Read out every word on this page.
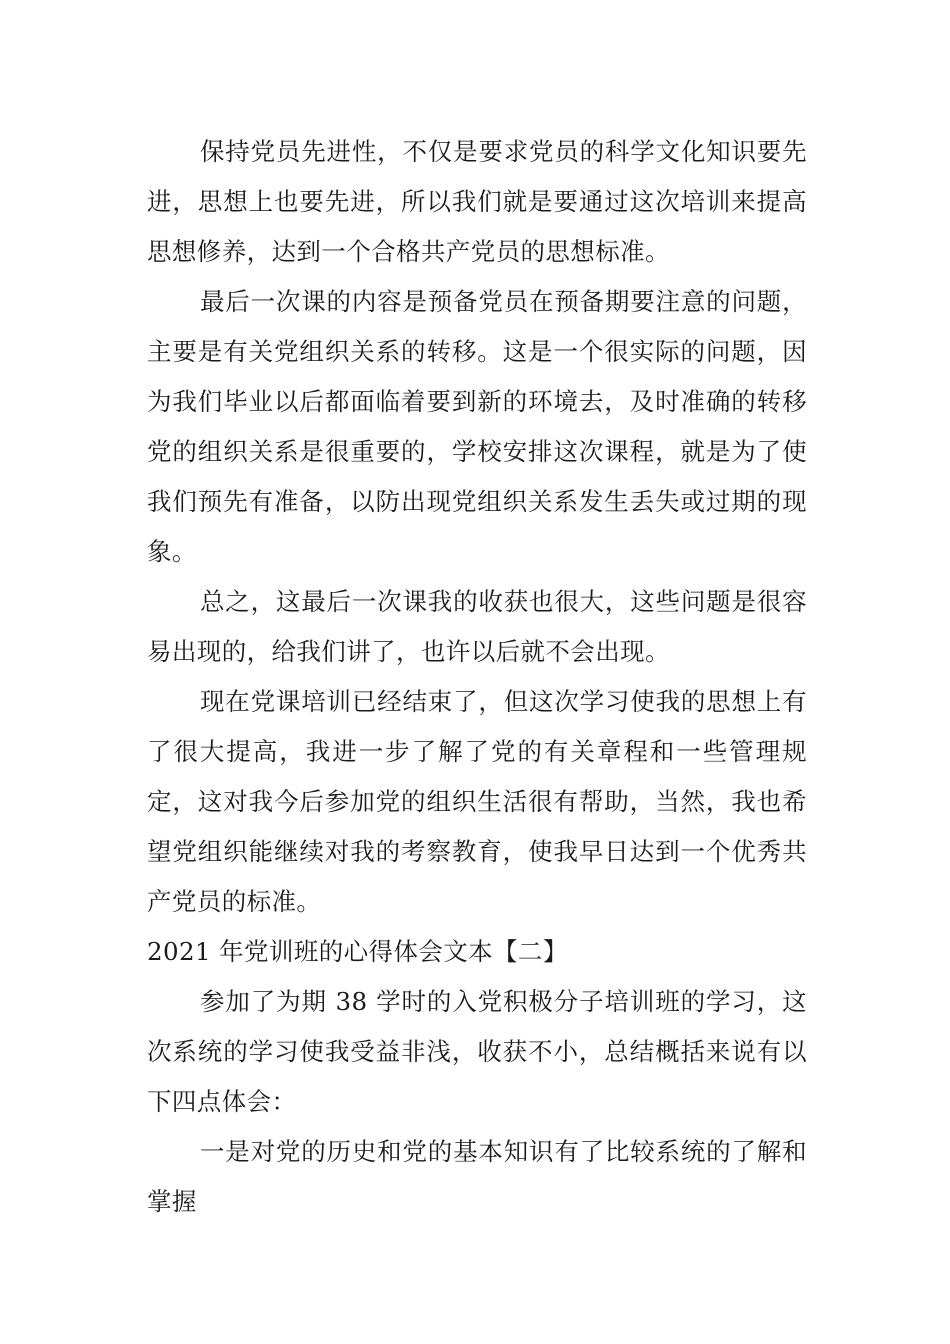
保持党员先进性，不仅是要求党员的科学文化知识要先进，思想上也要先进，所以我们就是要通过这次培训来提高思想修养，达到一个合格共产党员的思想标准。

最后一次课的内容是预备党员在预备期要注意的问题，主要是有关党组织关系的转移。这是一个很实际的问题，因为我们毕业以后都面临着要到新的环境去，及时准确的转移党的组织关系是很重要的，学校安排这次课程，就是为了使我们预先有准备，以防出现党组织关系发生丢失或过期的现象。

总之，这最后一次课我的收获也很大，这些问题是很容易出现的，给我们讲了，也许以后就不会出现。

现在党课培训已经结束了，但这次学习使我的思想上有了很大提高，我进一步了解了党的有关章程和一些管理规定，这对我今后参加党的组织生活很有帮助，当然，我也希望党组织能继续对我的考察教育，使我早日达到一个优秀共产党员的标准。

2021 年党训班的心得体会文本【二】

参加了为期 38 学时的入党积极分子培训班的学习，这次系统的学习使我受益非浅，收获不小，总结概括来说有以下四点体会：

一是对党的历史和党的基本知识有了比较系统的了解和掌握
